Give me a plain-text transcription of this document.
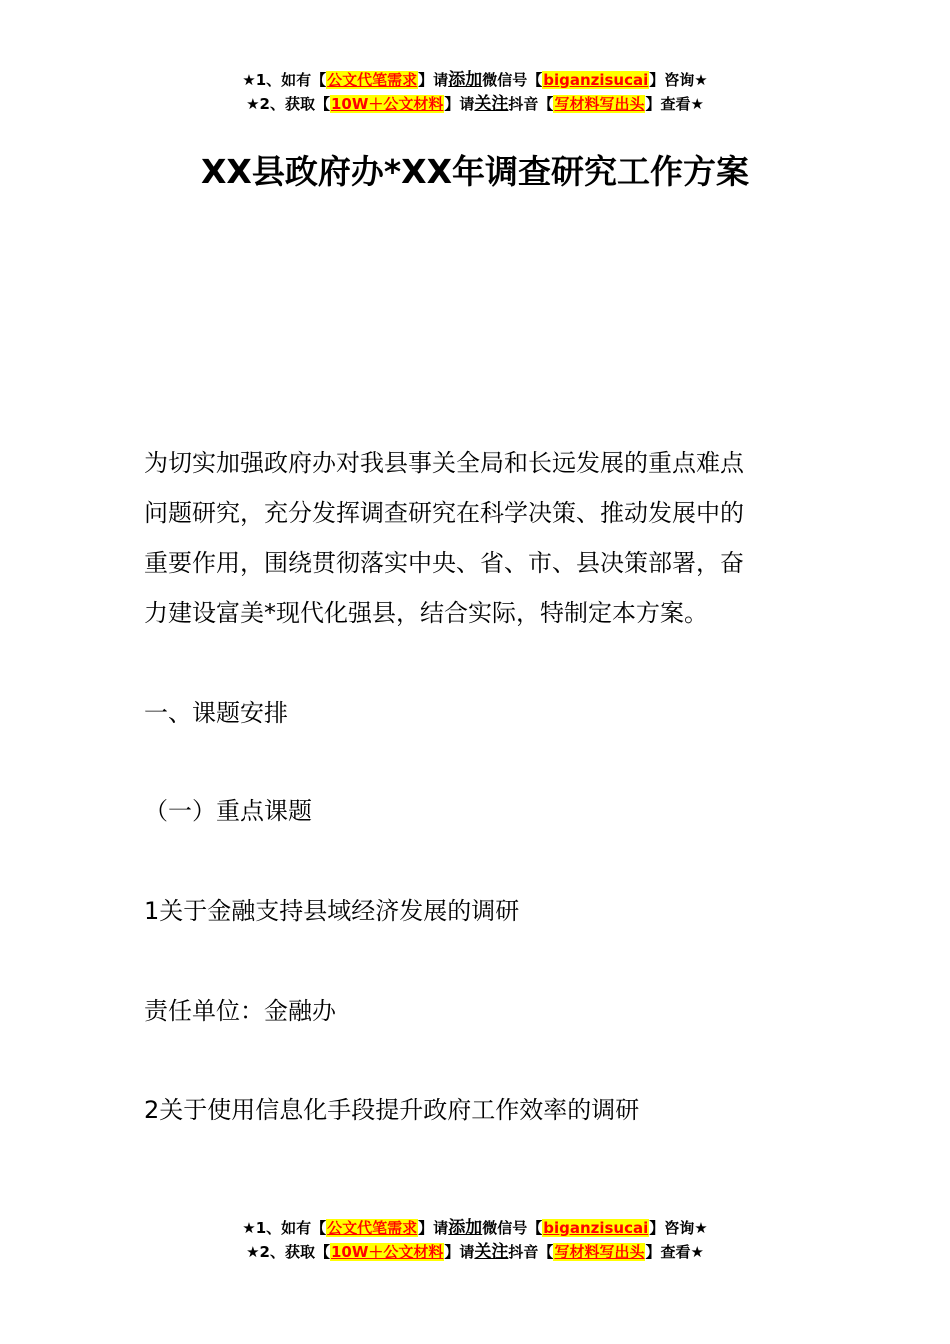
★1、如有【公文代笔需求】请添加微信号【biganzisucai】咨询★
★2、获取【10W＋公文材料】请关注抖音【写材料写出头】查看★
XX县政府办*XX年调查研究工作方案
为切实加强政府办对我县事关全局和长远发展的重点难点
问题研究，充分发挥调查研究在科学决策、推动发展中的
重要作用，围绕贯彻落实中央、省、市、县决策部署，奋
力建设富美*现代化强县，结合实际，特制定本方案。

一、课题安排

（一）重点课题

1关于金融支持县域经济发展的调研

责任单位：金融办

2关于使用信息化手段提升政府工作效率的调研

★1、如有【公文代笔需求】请添加微信号【biganzisucai】咨询★
★2、获取【10W＋公文材料】请关注抖音【写材料写出头】查看★
